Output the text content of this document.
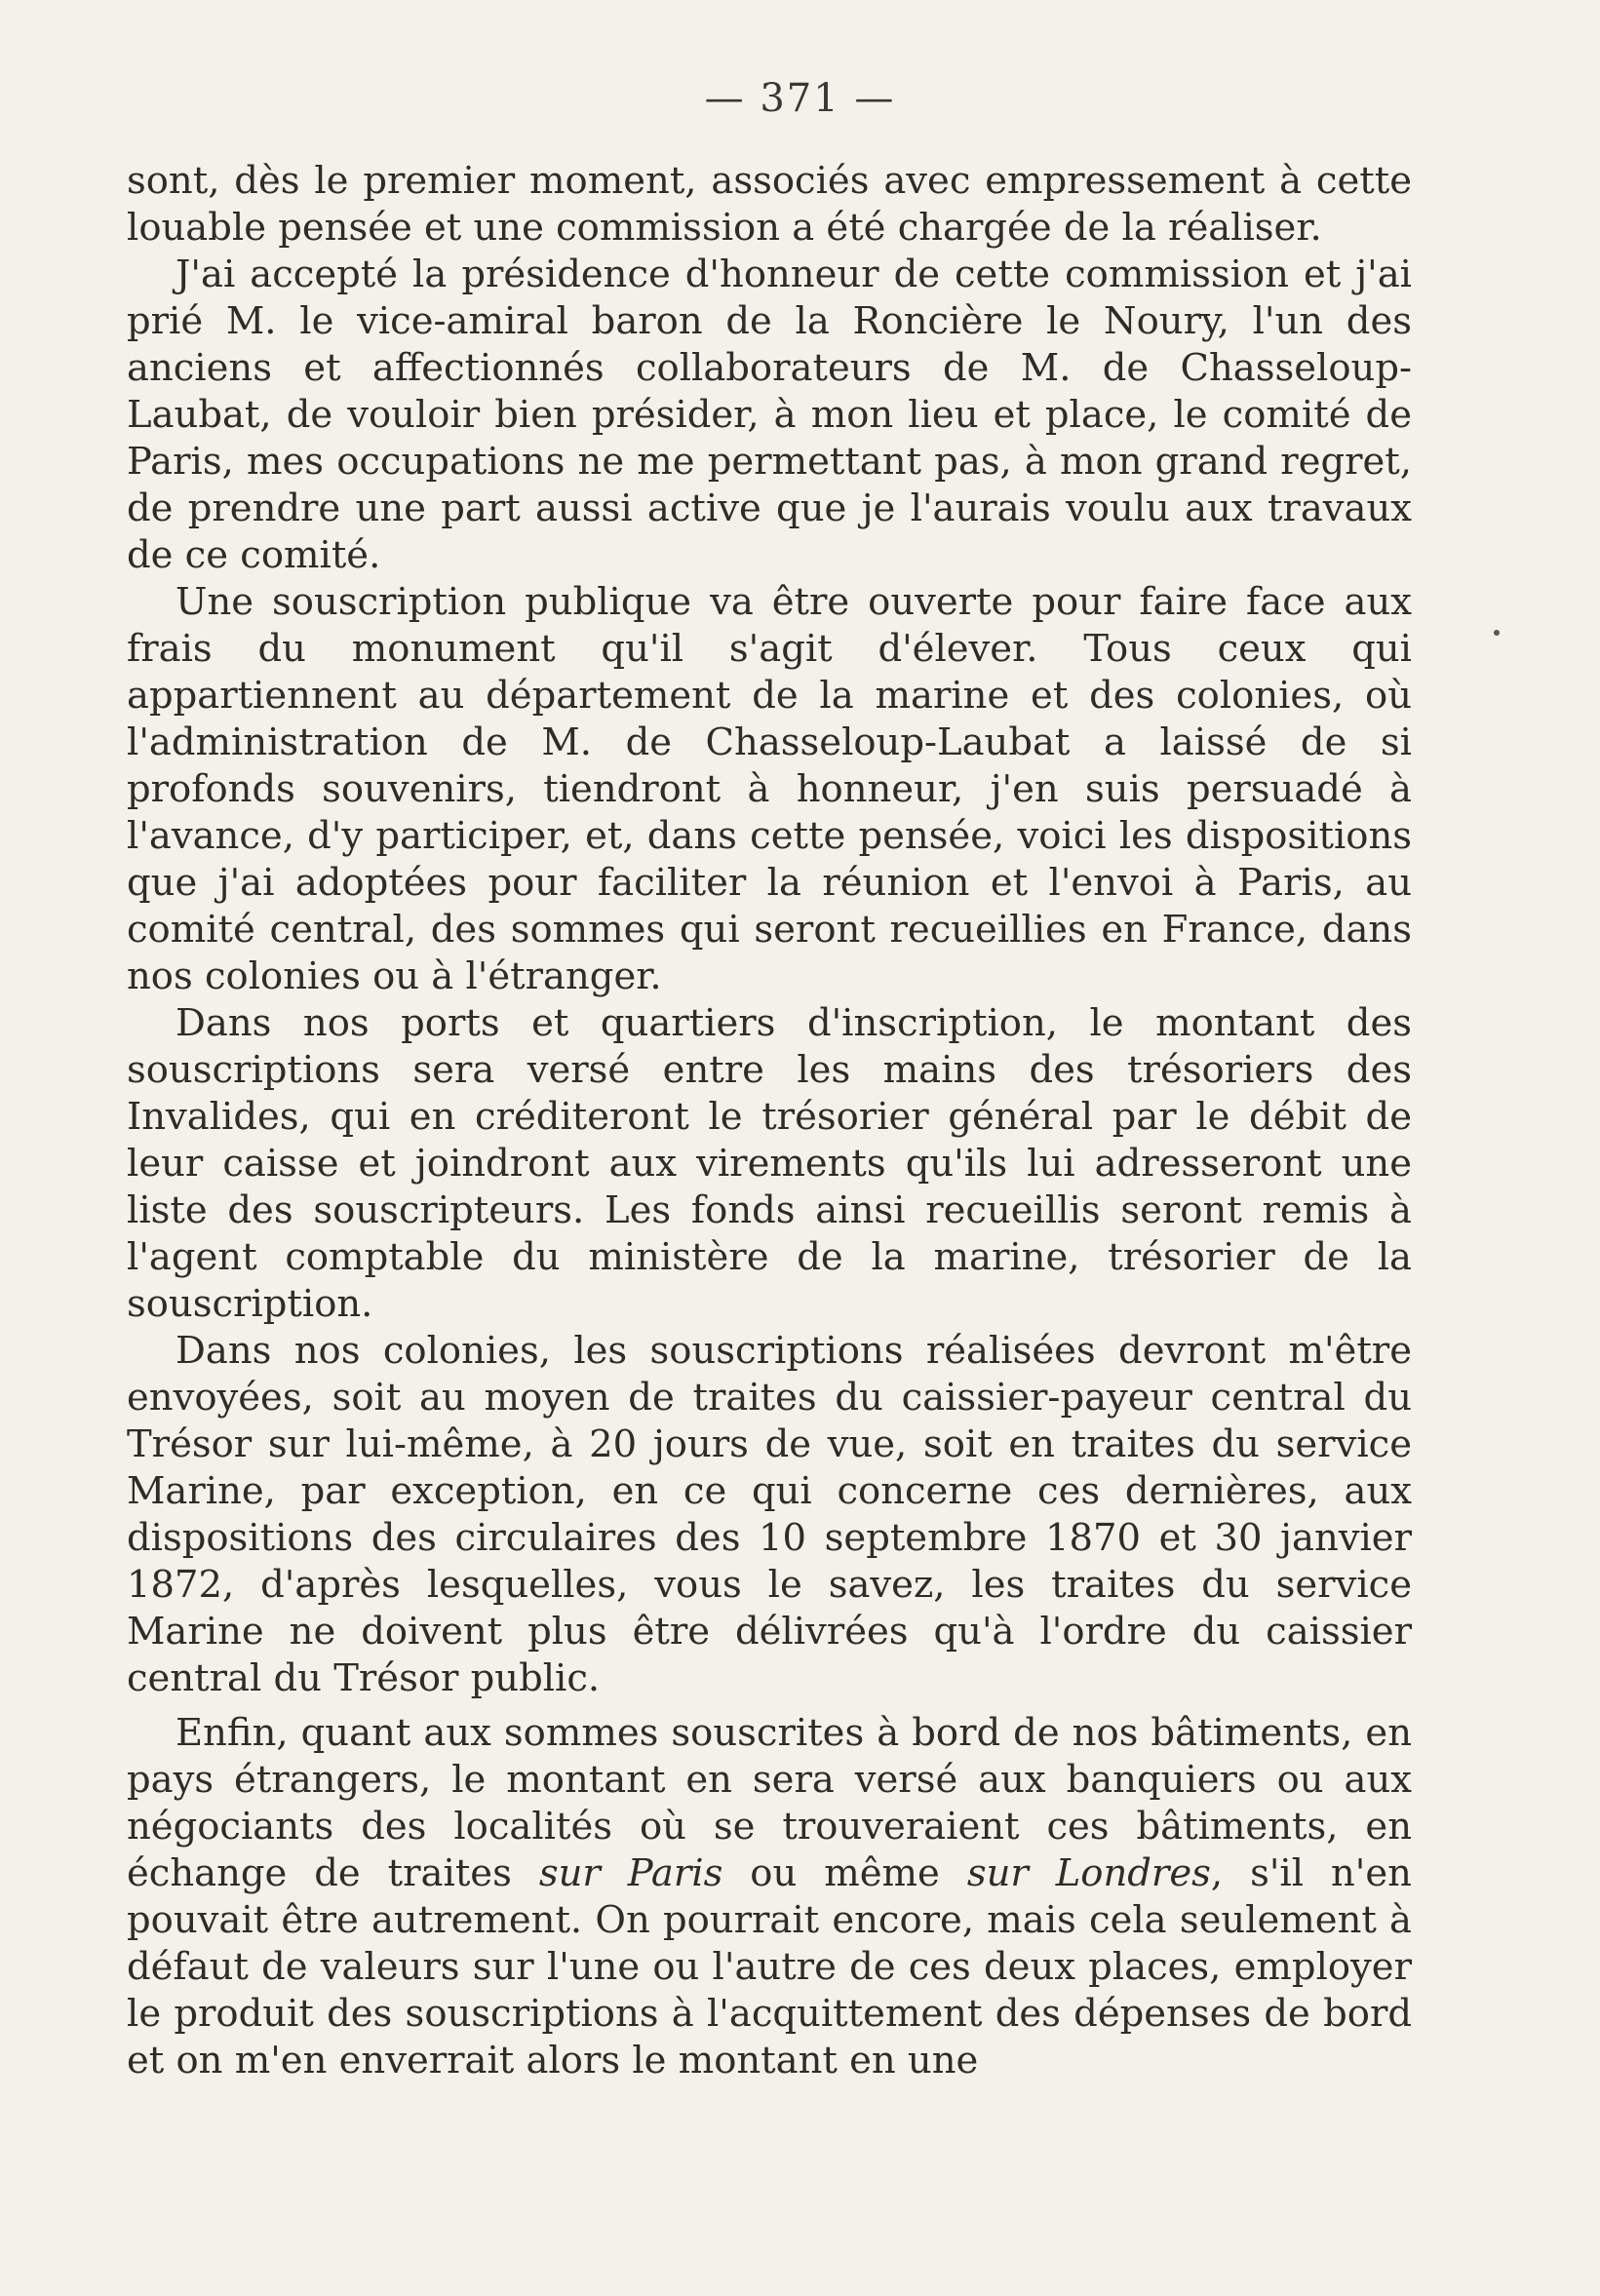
— 371 —

sont, dès le premier moment, associés avec empressement à cette louable pensée et une commission a été chargée de la réaliser.

J'ai accepté la présidence d'honneur de cette commission et j'ai prié M. le vice-amiral baron de la Roncière le Noury, l'un des anciens et affectionnés collaborateurs de M. de Chasseloup-Laubat, de vouloir bien présider, à mon lieu et place, le comité de Paris, mes occupations ne me permettant pas, à mon grand regret, de prendre une part aussi active que je l'aurais voulu aux travaux de ce comité.

Une souscription publique va être ouverte pour faire face aux frais du monument qu'il s'agit d'élever. Tous ceux qui appartiennent au département de la marine et des colonies, où l'administration de M. de Chasseloup-Laubat a laissé de si profonds souvenirs, tiendront à honneur, j'en suis persuadé à l'avance, d'y participer, et, dans cette pensée, voici les dispositions que j'ai adoptées pour faciliter la réunion et l'envoi à Paris, au comité central, des sommes qui seront recueillies en France, dans nos colonies ou à l'étranger.

Dans nos ports et quartiers d'inscription, le montant des souscriptions sera versé entre les mains des trésoriers des Invalides, qui en créditeront le trésorier général par le débit de leur caisse et joindront aux virements qu'ils lui adresseront une liste des souscripteurs. Les fonds ainsi recueillis seront remis à l'agent comptable du ministère de la marine, trésorier de la souscription.

Dans nos colonies, les souscriptions réalisées devront m'être envoyées, soit au moyen de traites du caissier-payeur central du Trésor sur lui-même, à 20 jours de vue, soit en traites du service Marine, par exception, en ce qui concerne ces dernières, aux dispositions des circulaires des 10 septembre 1870 et 30 janvier 1872, d'après lesquelles, vous le savez, les traites du service Marine ne doivent plus être délivrées qu'à l'ordre du caissier central du Trésor public.

Enfin, quant aux sommes souscrites à bord de nos bâtiments, en pays étrangers, le montant en sera versé aux banquiers ou aux négociants des localités où se trouveraient ces bâtiments, en échange de traites sur Paris ou même sur Londres, s'il n'en pouvait être autrement. On pourrait encore, mais cela seulement à défaut de valeurs sur l'une ou l'autre de ces deux places, employer le produit des souscriptions à l'acquittement des dépenses de bord et on m'en enverrait alors le montant en une
